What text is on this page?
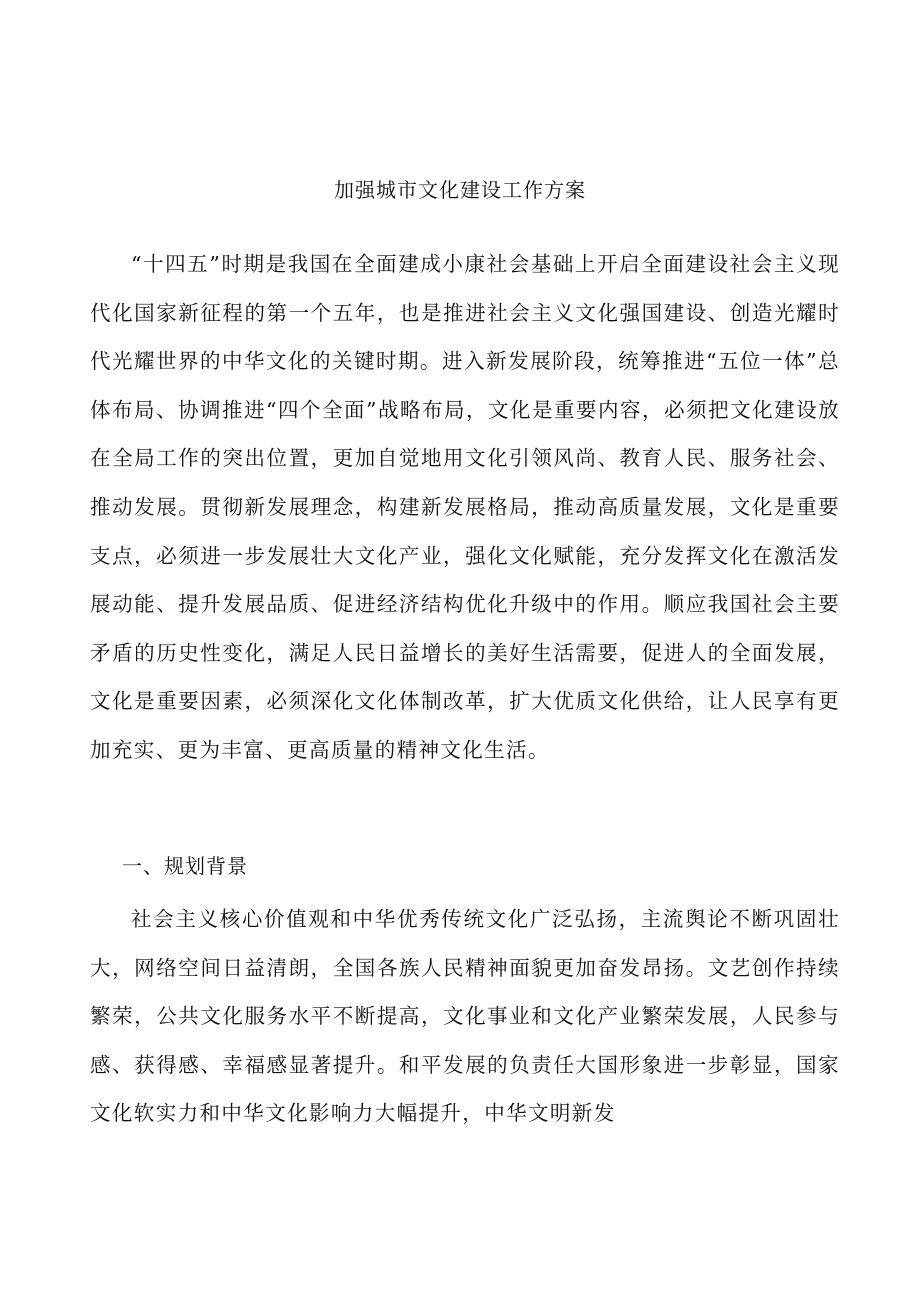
加强城市文化建设工作方案

“十四五”时期是我国在全面建成小康社会基础上开启全面建设社会主义现代化国家新征程的第一个五年，也是推进社会主义文化强国建设、创造光耀时代光耀世界的中华文化的关键时期。进入新发展阶段，统筹推进“五位一体”总体布局、协调推进“四个全面”战略布局，文化是重要内容，必须把文化建设放在全局工作的突出位置，更加自觉地用文化引领风尚、教育人民、服务社会、推动发展。贯彻新发展理念，构建新发展格局，推动高质量发展，文化是重要支点，必须进一步发展壮大文化产业，强化文化赋能，充分发挥文化在激活发展动能、提升发展品质、促进经济结构优化升级中的作用。顺应我国社会主要矛盾的历史性变化，满足人民日益增长的美好生活需要，促进人的全面发展，文化是重要因素，必须深化文化体制改革，扩大优质文化供给，让人民享有更加充实、更为丰富、更高质量的精神文化生活。

一、规划背景

社会主义核心价值观和中华优秀传统文化广泛弘扬，主流舆论不断巩固壮大，网络空间日益清朗，全国各族人民精神面貌更加奋发昂扬。文艺创作持续繁荣，公共文化服务水平不断提高，文化事业和文化产业繁荣发展，人民参与感、获得感、幸福感显著提升。和平发展的负责任大国形象进一步彰显，国家文化软实力和中华文化影响力大幅提升，中华文明新发
